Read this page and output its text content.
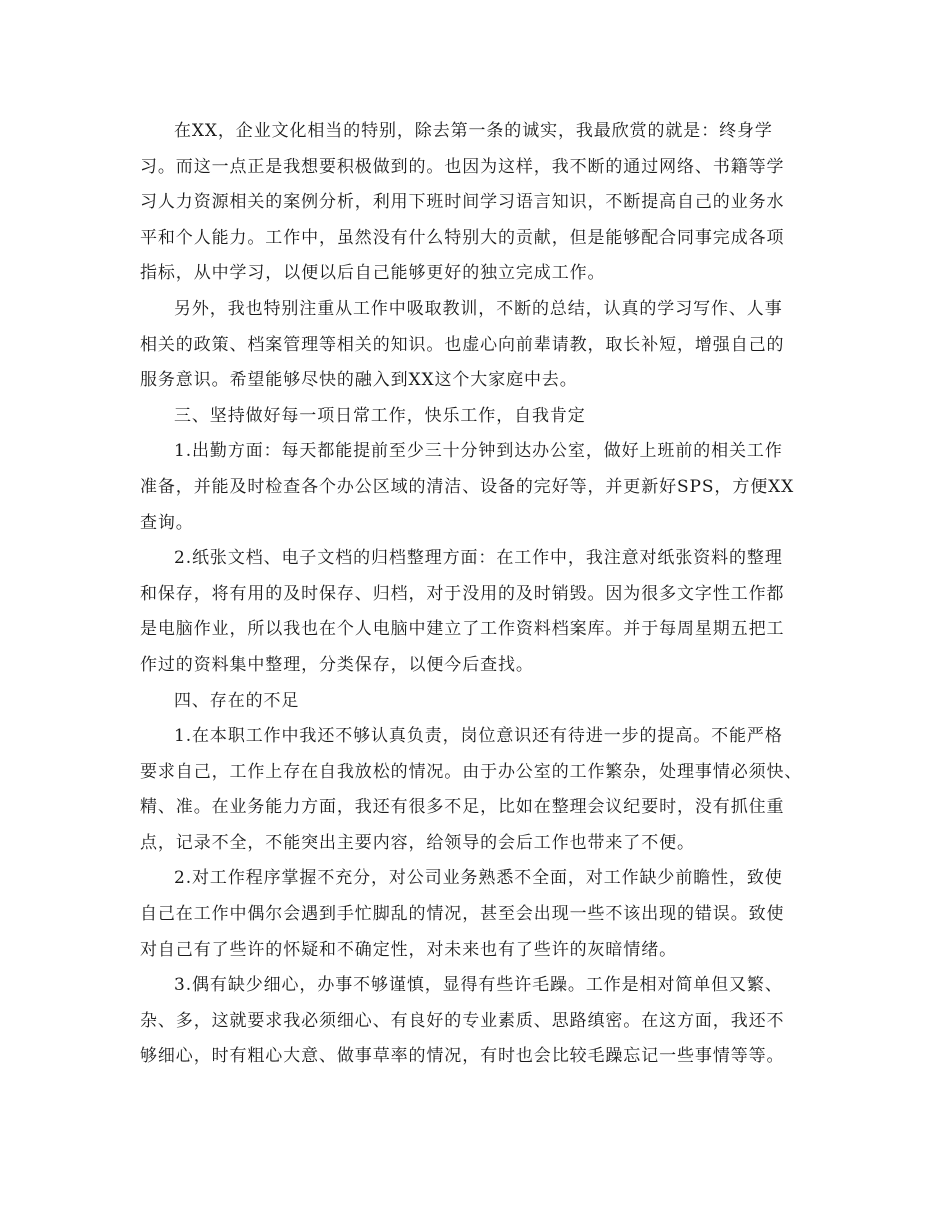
在XX，企业文化相当的特别，除去第一条的诚实，我最欣赏的就是：终身学
习。而这一点正是我想要积极做到的。也因为这样，我不断的通过网络、书籍等学
习人力资源相关的案例分析，利用下班时间学习语言知识，不断提高自己的业务水
平和个人能力。工作中，虽然没有什么特别大的贡献，但是能够配合同事完成各项
指标，从中学习，以便以后自己能够更好的独立完成工作。
另外，我也特别注重从工作中吸取教训，不断的总结，认真的学习写作、人事
相关的政策、档案管理等相关的知识。也虚心向前辈请教，取长补短，增强自己的
服务意识。希望能够尽快的融入到XX这个大家庭中去。
三、坚持做好每一项日常工作，快乐工作，自我肯定
1.出勤方面：每天都能提前至少三十分钟到达办公室，做好上班前的相关工作
准备，并能及时检查各个办公区域的清洁、设备的完好等，并更新好SPS，方便XX
查询。
2.纸张文档、电子文档的归档整理方面：在工作中，我注意对纸张资料的整理
和保存，将有用的及时保存、归档，对于没用的及时销毁。因为很多文字性工作都
是电脑作业，所以我也在个人电脑中建立了工作资料档案库。并于每周星期五把工
作过的资料集中整理，分类保存，以便今后查找。
四、存在的不足
1.在本职工作中我还不够认真负责，岗位意识还有待进一步的提高。不能严格
要求自己，工作上存在自我放松的情况。由于办公室的工作繁杂，处理事情必须快、
精、准。在业务能力方面，我还有很多不足，比如在整理会议纪要时，没有抓住重
点，记录不全，不能突出主要内容，给领导的会后工作也带来了不便。
2.对工作程序掌握不充分，对公司业务熟悉不全面，对工作缺少前瞻性，致使
自己在工作中偶尔会遇到手忙脚乱的情况，甚至会出现一些不该出现的错误。致使
对自己有了些许的怀疑和不确定性，对未来也有了些许的灰暗情绪。
3.偶有缺少细心，办事不够谨慎，显得有些许毛躁。工作是相对简单但又繁、
杂、多，这就要求我必须细心、有良好的专业素质、思路缜密。在这方面，我还不
够细心，时有粗心大意、做事草率的情况，有时也会比较毛躁忘记一些事情等等。
